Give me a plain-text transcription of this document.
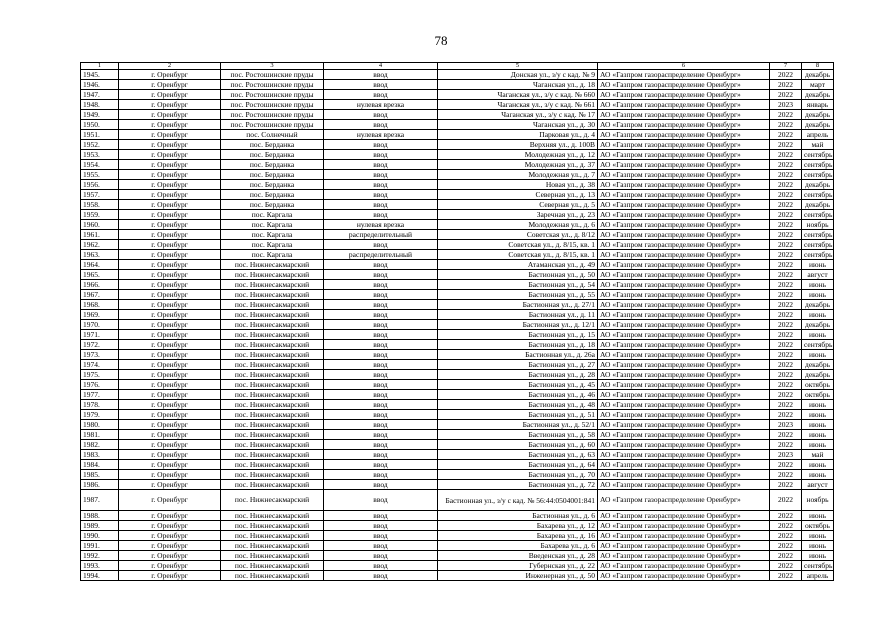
78
1	2	3	4	5	6	7	8
1945.	г. Оренбург	пос. Ростошинские пруды	ввод	Донская ул., з/у с кад. № 9	АО «Газпром газораспределение Оренбург»	2022	декабрь
1946.	г. Оренбург	пос. Ростошинские пруды	ввод	Чаганская ул., д. 18	АО «Газпром газораспределение Оренбург»	2022	март
1947.	г. Оренбург	пос. Ростошинские пруды	ввод	Чаганская ул., з/у с кад. № 660	АО «Газпром газораспределение Оренбург»	2022	декабрь
1948.	г. Оренбург	пос. Ростошинские пруды	нулевая врезка	Чаганская ул., з/у с кад. № 661	АО «Газпром газораспределение Оренбург»	2023	январь
1949.	г. Оренбург	пос. Ростошинские пруды	ввод	Чаганская ул., з/у с кад. № 17	АО «Газпром газораспределение Оренбург»	2022	декабрь
1950.	г. Оренбург	пос. Ростошинские пруды	ввод	Чаганская ул., д. 30	АО «Газпром газораспределение Оренбург»	2022	декабрь
1951.	г. Оренбург	пос. Солнечный	нулевая врезка	Парковая ул., д. 4	АО «Газпром газораспределение Оренбург»	2022	апрель
1952.	г. Оренбург	пос. Берданка	ввод	Верхняя ул., д. 100В	АО «Газпром газораспределение Оренбург»	2022	май
1953.	г. Оренбург	пос. Берданка	ввод	Молодежная ул., д. 12	АО «Газпром газораспределение Оренбург»	2022	сентябрь
1954.	г. Оренбург	пос. Берданка	ввод	Молодежная ул., д. 37	АО «Газпром газораспределение Оренбург»	2022	сентябрь
1955.	г. Оренбург	пос. Берданка	ввод	Молодежная ул., д. 7	АО «Газпром газораспределение Оренбург»	2022	сентябрь
1956.	г. Оренбург	пос. Берданка	ввод	Новая ул., д. 38	АО «Газпром газораспределение Оренбург»	2022	декабрь
1957.	г. Оренбург	пос. Берданка	ввод	Северная ул., д. 13	АО «Газпром газораспределение Оренбург»	2022	сентябрь
1958.	г. Оренбург	пос. Берданка	ввод	Северная ул., д. 5	АО «Газпром газораспределение Оренбург»	2022	декабрь
1959.	г. Оренбург	пос. Каргала	ввод	Заречная ул., д. 23	АО «Газпром газораспределение Оренбург»	2022	сентябрь
1960.	г. Оренбург	пос. Каргала	нулевая врезка	Молодежная ул., д. 6	АО «Газпром газораспределение Оренбург»	2022	ноябрь
1961.	г. Оренбург	пос. Каргала	распределительный	Советская ул., д. 8/12	АО «Газпром газораспределение Оренбург»	2022	сентябрь
1962.	г. Оренбург	пос. Каргала	ввод	Советская ул., д. 8/15, кв. 1	АО «Газпром газораспределение Оренбург»	2022	сентябрь
1963.	г. Оренбург	пос. Каргала	распределительный	Советская ул., д. 8/15, кв. 1	АО «Газпром газораспределение Оренбург»	2022	сентябрь
1964.	г. Оренбург	пос. Нижнесакмарский	ввод	Атаманская ул., д. 49	АО «Газпром газораспределение Оренбург»	2022	июнь
1965.	г. Оренбург	пос. Нижнесакмарский	ввод	Бастионная ул., д. 50	АО «Газпром газораспределение Оренбург»	2022	август
1966.	г. Оренбург	пос. Нижнесакмарский	ввод	Бастионная ул., д. 54	АО «Газпром газораспределение Оренбург»	2022	июнь
1967.	г. Оренбург	пос. Нижнесакмарский	ввод	Бастионная ул., д. 55	АО «Газпром газораспределение Оренбург»	2022	июнь
1968.	г. Оренбург	пос. Нижнесакмарский	ввод	Бастионная ул., д. 27/1	АО «Газпром газораспределение Оренбург»	2022	декабрь
1969.	г. Оренбург	пос. Нижнесакмарский	ввод	Бастионная ул., д. 11	АО «Газпром газораспределение Оренбург»	2022	июнь
1970.	г. Оренбург	пос. Нижнесакмарский	ввод	Бастионная ул., д. 12/1	АО «Газпром газораспределение Оренбург»	2022	декабрь
1971.	г. Оренбург	пос. Нижнесакмарский	ввод	Бастионная ул., д. 15	АО «Газпром газораспределение Оренбург»	2022	июнь
1972.	г. Оренбург	пос. Нижнесакмарский	ввод	Бастионная ул., д. 18	АО «Газпром газораспределение Оренбург»	2022	сентябрь
1973.	г. Оренбург	пос. Нижнесакмарский	ввод	Бастионная ул., д. 26а	АО «Газпром газораспределение Оренбург»	2022	июнь
1974.	г. Оренбург	пос. Нижнесакмарский	ввод	Бастионная ул., д. 27	АО «Газпром газораспределение Оренбург»	2022	декабрь
1975.	г. Оренбург	пос. Нижнесакмарский	ввод	Бастионная ул., д. 28	АО «Газпром газораспределение Оренбург»	2022	декабрь
1976.	г. Оренбург	пос. Нижнесакмарский	ввод	Бастионная ул., д. 45	АО «Газпром газораспределение Оренбург»	2022	октябрь
1977.	г. Оренбург	пос. Нижнесакмарский	ввод	Бастионная ул., д. 46	АО «Газпром газораспределение Оренбург»	2022	октябрь
1978.	г. Оренбург	пос. Нижнесакмарский	ввод	Бастионная ул., д. 48	АО «Газпром газораспределение Оренбург»	2022	июнь
1979.	г. Оренбург	пос. Нижнесакмарский	ввод	Бастионная ул., д. 51	АО «Газпром газораспределение Оренбург»	2022	июнь
1980.	г. Оренбург	пос. Нижнесакмарский	ввод	Бастионная ул., д. 52/1	АО «Газпром газораспределение Оренбург»	2023	июнь
1981.	г. Оренбург	пос. Нижнесакмарский	ввод	Бастионная ул., д. 58	АО «Газпром газораспределение Оренбург»	2022	июнь
1982.	г. Оренбург	пос. Нижнесакмарский	ввод	Бастионная ул., д. 60	АО «Газпром газораспределение Оренбург»	2022	июнь
1983.	г. Оренбург	пос. Нижнесакмарский	ввод	Бастионная ул., д. 63	АО «Газпром газораспределение Оренбург»	2023	май
1984.	г. Оренбург	пос. Нижнесакмарский	ввод	Бастионная ул., д. 64	АО «Газпром газораспределение Оренбург»	2022	июнь
1985.	г. Оренбург	пос. Нижнесакмарский	ввод	Бастионная ул., д. 70	АО «Газпром газораспределение Оренбург»	2022	июнь
1986.	г. Оренбург	пос. Нижнесакмарский	ввод	Бастионная ул., д. 72	АО «Газпром газораспределение Оренбург»	2022	август
1987.	г. Оренбург	пос. Нижнесакмарский	ввод	Бастионная ул., з/у с кад. № 56:44:0504001:841	АО «Газпром газораспределение Оренбург»	2022	ноябрь
1988.	г. Оренбург	пос. Нижнесакмарский	ввод	Бастионная ул., д. 6	АО «Газпром газораспределение Оренбург»	2022	июнь
1989.	г. Оренбург	пос. Нижнесакмарский	ввод	Бахарева ул., д. 12	АО «Газпром газораспределение Оренбург»	2022	октябрь
1990.	г. Оренбург	пос. Нижнесакмарский	ввод	Бахарева ул., д. 16	АО «Газпром газораспределение Оренбург»	2022	июнь
1991.	г. Оренбург	пос. Нижнесакмарский	ввод	Бахарева ул., д. 6	АО «Газпром газораспределение Оренбург»	2022	июнь
1992.	г. Оренбург	пос. Нижнесакмарский	ввод	Введенская ул., д. 28	АО «Газпром газораспределение Оренбург»	2022	июнь
1993.	г. Оренбург	пос. Нижнесакмарский	ввод	Губернская ул., д. 22	АО «Газпром газораспределение Оренбург»	2022	сентябрь
1994.	г. Оренбург	пос. Нижнесакмарский	ввод	Инженерная ул., д. 50	АО «Газпром газораспределение Оренбург»	2022	апрель
